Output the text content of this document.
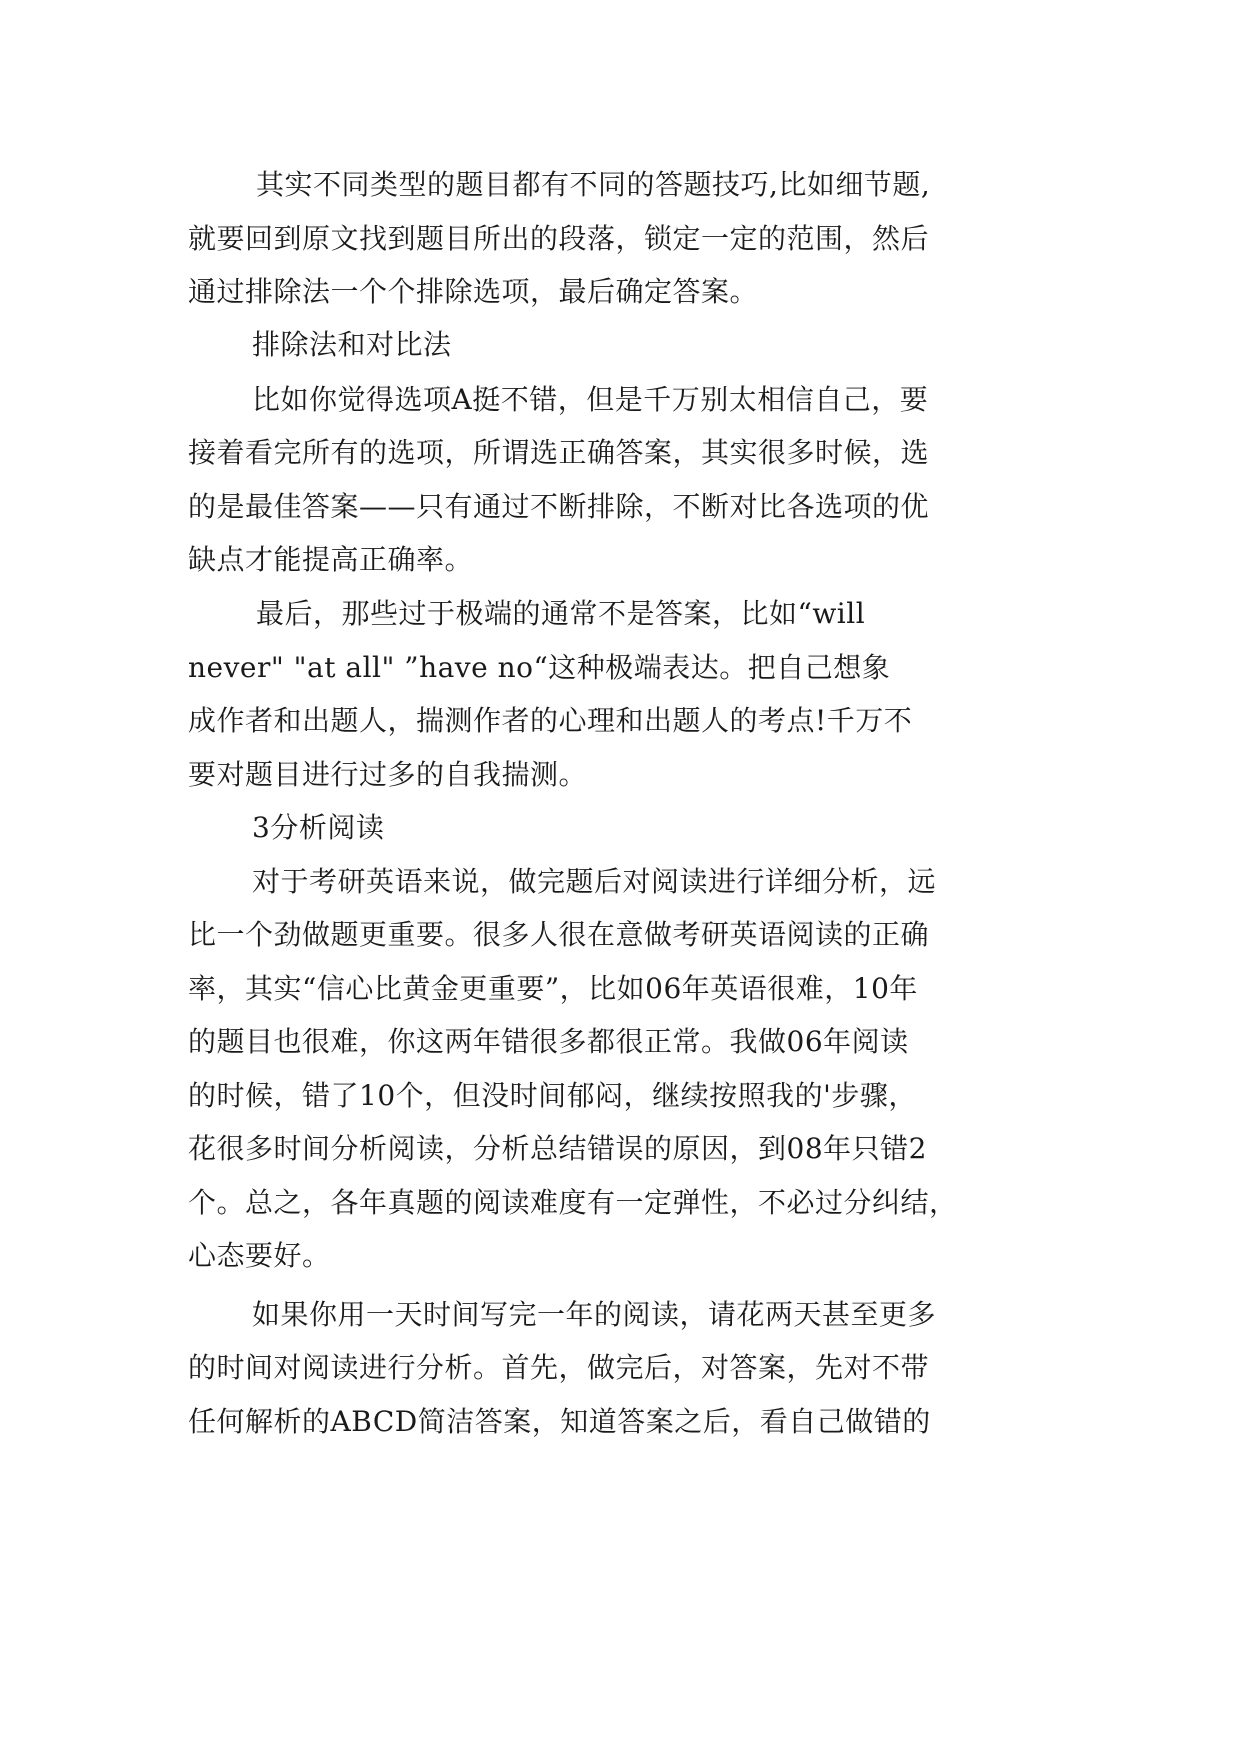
其实不同类型的题目都有不同的答题技巧,比如细节题,
就要回到原文找到题目所出的段落，锁定一定的范围，然后
通过排除法一个个排除选项，最后确定答案。
排除法和对比法
比如你觉得选项A挺不错，但是千万别太相信自己，要
接着看完所有的选项，所谓选正确答案，其实很多时候，选
的是最佳答案——只有通过不断排除，不断对比各选项的优
缺点才能提高正确率。
最后，那些过于极端的通常不是答案，比如“will
never" "at all" ”have no“这种极端表达。把自己想象
成作者和出题人，揣测作者的心理和出题人的考点!千万不
要对题目进行过多的自我揣测。
3分析阅读
对于考研英语来说，做完题后对阅读进行详细分析，远
比一个劲做题更重要。很多人很在意做考研英语阅读的正确
率，其实“信心比黄金更重要”，比如06年英语很难，10年
的题目也很难，你这两年错很多都很正常。我做06年阅读
的时候，错了10个，但没时间郁闷，继续按照我的'步骤，
花很多时间分析阅读，分析总结错误的原因，到08年只错2
个。总之，各年真题的阅读难度有一定弹性，不必过分纠结，
心态要好。
如果你用一天时间写完一年的阅读，请花两天甚至更多
的时间对阅读进行分析。首先，做完后，对答案，先对不带
任何解析的ABCD简洁答案，知道答案之后，看自己做错的
